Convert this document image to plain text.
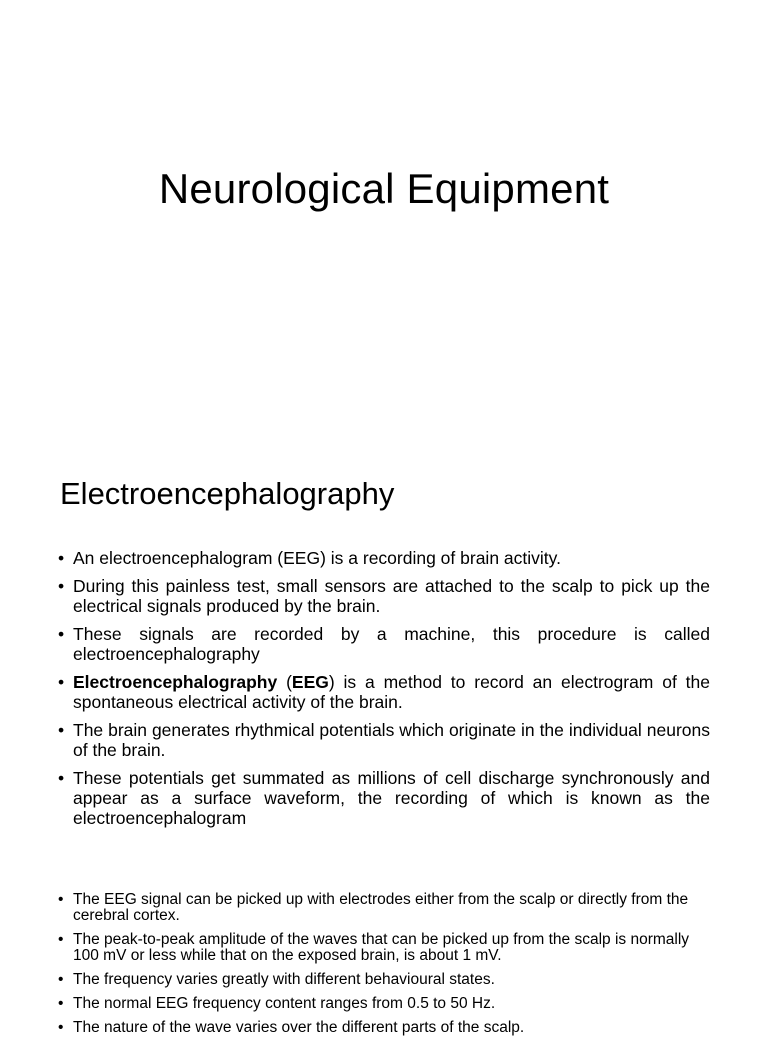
Neurological Equipment
Electroencephalography
• An electroencephalogram (EEG) is a recording of brain activity.
• During this painless test, small sensors are attached to the scalp to pick up the electrical signals produced by the brain.
• These signals are recorded by a machine, this procedure is called electroencephalography
• Electroencephalography (EEG) is a method to record an electrogram of the spontaneous electrical activity of the brain.
• The brain generates rhythmical potentials which originate in the individual neurons of the brain.
• These potentials get summated as millions of cell discharge synchronously and appear as a surface waveform, the recording of which is known as the electroencephalogram
• The EEG signal can be picked up with electrodes either from the scalp or directly from the cerebral cortex.
• The peak-to-peak amplitude of the waves that can be picked up from the scalp is normally 100 mV or less while that on the exposed brain, is about 1 mV.
• The frequency varies greatly with different behavioural states.
• The normal EEG frequency content ranges from 0.5 to 50 Hz.
• The nature of the wave varies over the different parts of the scalp.
